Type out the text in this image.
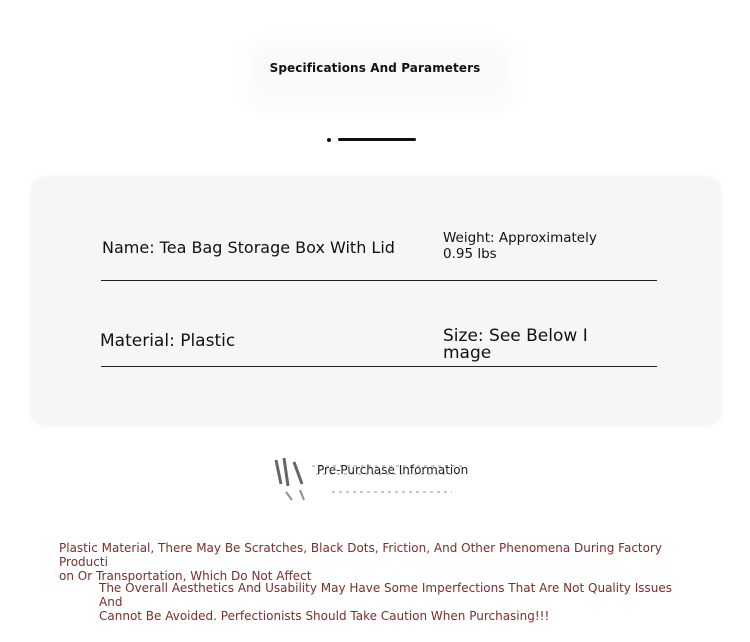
Specifications And Parameters
Name: Tea Bag Storage Box With Lid	Weight: Approximately
0.95 lbs
Material: Plastic	Size: See Below I
mage
Pre-Purchase Information
Plastic Material, There May Be Scratches, Black Dots, Friction, And Other Phenomena During Factory Producti
on Or Transportation, Which Do Not Affect
The Overall Aesthetics And Usability May Have Some Imperfections That Are Not Quality Issues And
Cannot Be Avoided. Perfectionists Should Take Caution When Purchasing!!!
